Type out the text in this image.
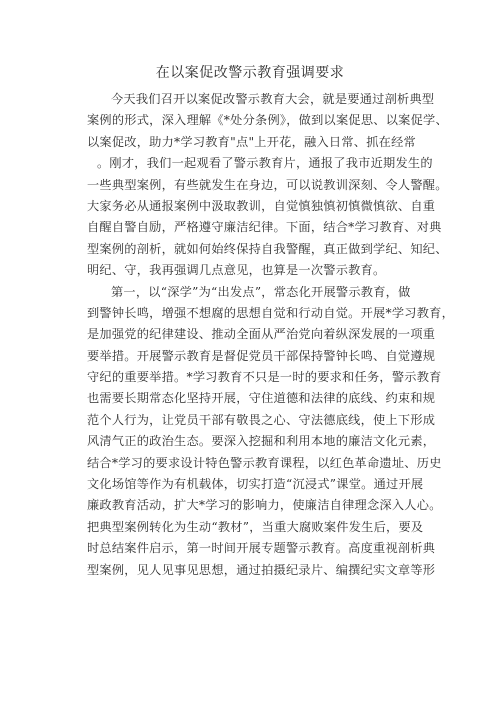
在以案促改警示教育强调要求
今天我们召开以案促改警示教育大会，就是要通过剖析典型
案例的形式，深入理解《*处分条例》，做到以案促思、以案促学、
以案促改，助力*学习教育"点"上开花，融入日常、抓在经常
。刚才，我们一起观看了警示教育片，通报了我市近期发生的
一些典型案例，有些就发生在身边，可以说教训深刻、令人警醒。
大家务必从通报案例中汲取教训，自觉慎独慎初慎微慎欲、自重
自醒自警自励，严格遵守廉洁纪律。下面，结合*学习教育、对典
型案例的剖析，就如何始终保持自我警醒，真正做到学纪、知纪、
明纪、守，我再强调几点意见，也算是一次警示教育。
第一，以“深学”为“出发点”，常态化开展警示教育，做
到警钟长鸣，增强不想腐的思想自觉和行动自觉。开展*学习教育，
是加强党的纪律建设、推动全面从严治党向着纵深发展的一项重
要举措。开展警示教育是督促党员干部保持警钟长鸣、自觉遵规
守纪的重要举措。*学习教育不只是一时的要求和任务，警示教育
也需要长期常态化坚持开展，守住道德和法律的底线、约束和规
范个人行为，让党员干部有敬畏之心、守法德底线，使上下形成
风清气正的政治生态。要深入挖掘和利用本地的廉洁文化元素，
结合*学习的要求设计特色警示教育课程，以红色革命遗址、历史
文化场馆等作为有机载体，切实打造“沉浸式”课堂。通过开展
廉政教育活动，扩大*学习的影响力，使廉洁自律理念深入人心。
把典型案例转化为生动“教材”，当重大腐败案件发生后，要及
时总结案件启示，第一时间开展专题警示教育。高度重视剖析典
型案例，见人见事见思想，通过拍摄纪录片、编撰纪实文章等形
